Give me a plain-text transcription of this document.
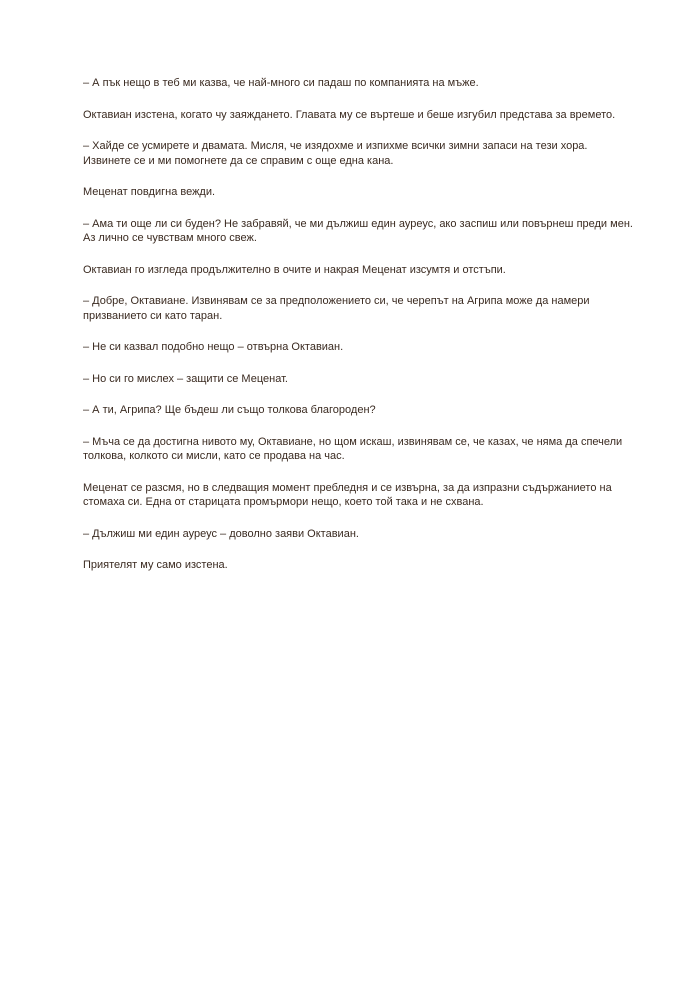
– А пък нещо в теб ми казва, че най-много си падаш по компанията на мъже.

Октавиан изстена, когато чу заяждането. Главата му се въртеше и беше изгубил представа за времето.

– Хайде се усмирете и двамата. Мисля, че изядохме и изпихме всички зимни запаси на тези хора.
Извинете се и ми помогнете да се справим с още една кана.

Меценат повдигна вежди.

– Ама ти още ли си буден? Не забравяй, че ми дължиш един ауреус, ако заспиш или повърнеш преди мен.
Аз лично се чувствам много свеж.

Октавиан го изгледа продължително в очите и накрая Меценат изсумтя и отстъпи.

– Добре, Октавиане. Извинявам се за предположението си, че черепът на Агрипа може да намери
призванието си като таран.

– Не си казвал подобно нещо – отвърна Октавиан.

– Но си го мислех – защити се Меценат.

– А ти, Агрипа? Ще бъдеш ли също толкова благороден?

– Мъча се да достигна нивото му, Октавиане, но щом искаш, извинявам се, че казах, че няма да спечели
толкова, колкото си мисли, като се продава на час.

Меценат се разсмя, но в следващия момент пребледня и се извърна, за да изпразни съдържанието на
стомаха си. Една от старицата промърмори нещо, което той така и не схвана.

– Дължиш ми един ауреус – доволно заяви Октавиан.

Приятелят му само изстена.
